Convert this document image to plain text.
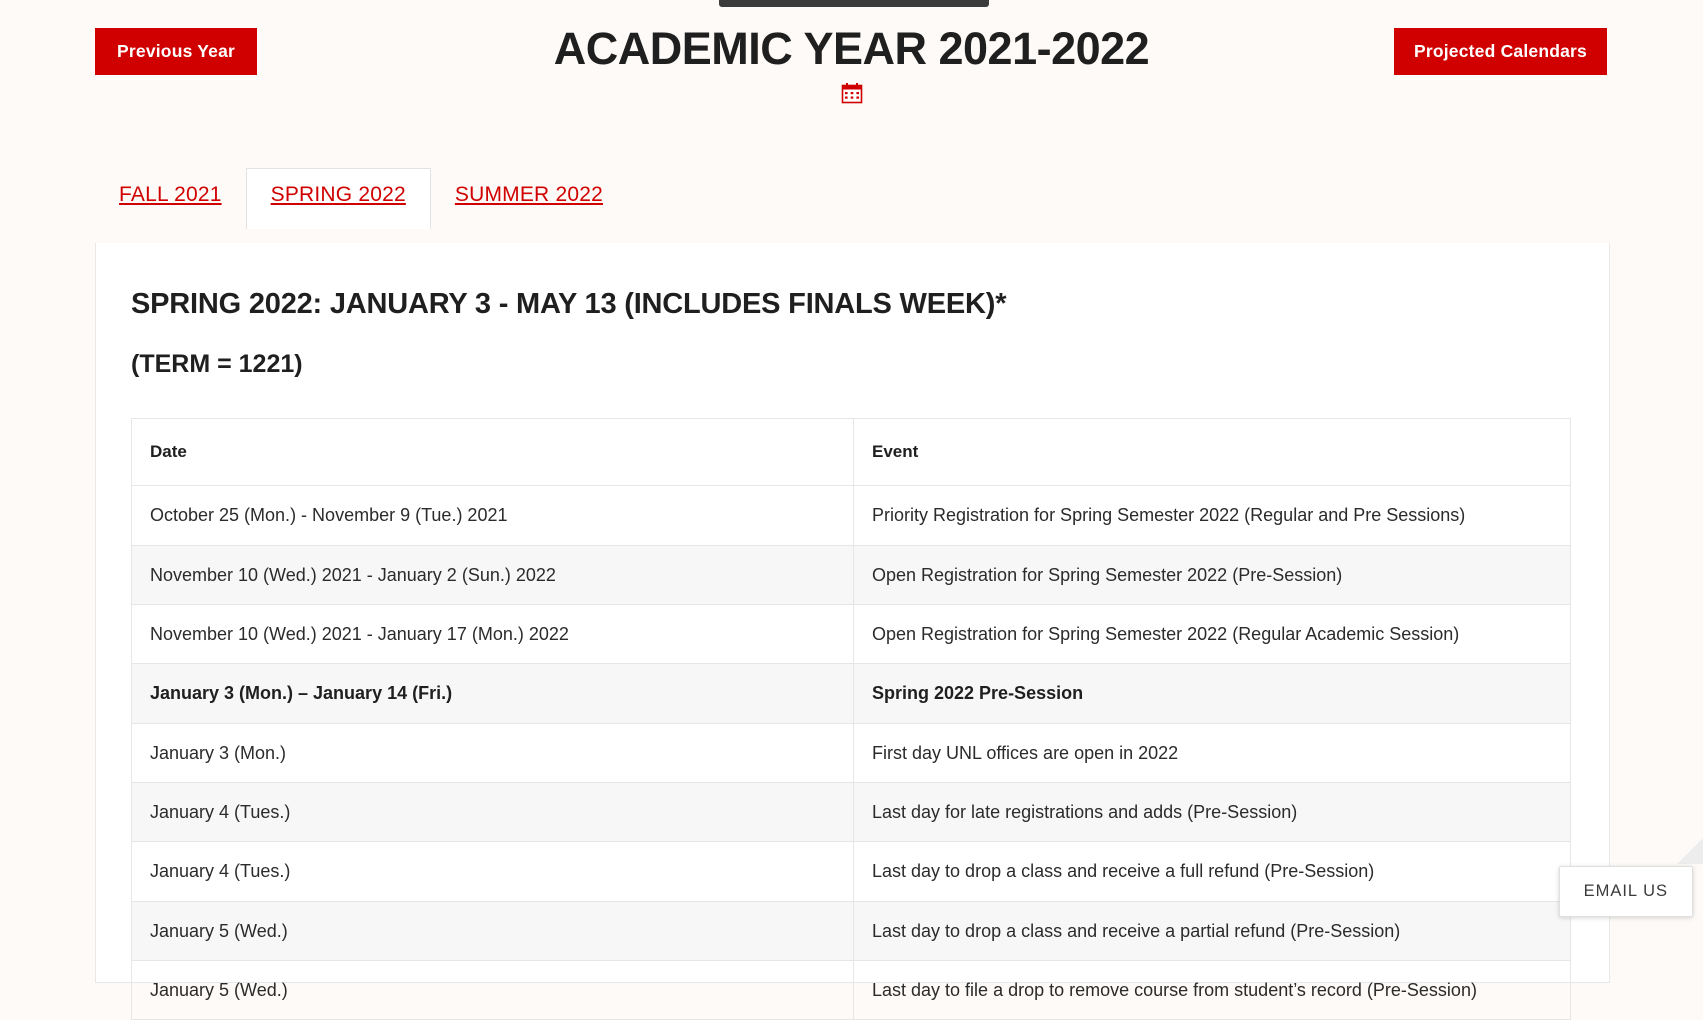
Previous Year	ACADEMIC YEAR 2021-2022	Projected Calendars
FALL 2021	SPRING 2022	SUMMER 2022
SPRING 2022: JANUARY 3 - MAY 13 (INCLUDES FINALS WEEK)*
(TERM = 1221)
Date	Event
October 25 (Mon.) - November 9 (Tue.) 2021	Priority Registration for Spring Semester 2022 (Regular and Pre Sessions)
November 10 (Wed.) 2021 - January 2 (Sun.) 2022	Open Registration for Spring Semester 2022 (Pre-Session)
November 10 (Wed.) 2021 - January 17 (Mon.) 2022	Open Registration for Spring Semester 2022 (Regular Academic Session)
January 3 (Mon.) – January 14 (Fri.)	Spring 2022 Pre-Session
January 3 (Mon.)	First day UNL offices are open in 2022
January 4 (Tues.)	Last day for late registrations and adds (Pre-Session)
January 4 (Tues.)	Last day to drop a class and receive a full refund (Pre-Session)
January 5 (Wed.)	Last day to drop a class and receive a partial refund (Pre-Session)
January 5 (Wed.)	Last day to file a drop to remove course from student’s record (Pre-Session)
EMAIL US
